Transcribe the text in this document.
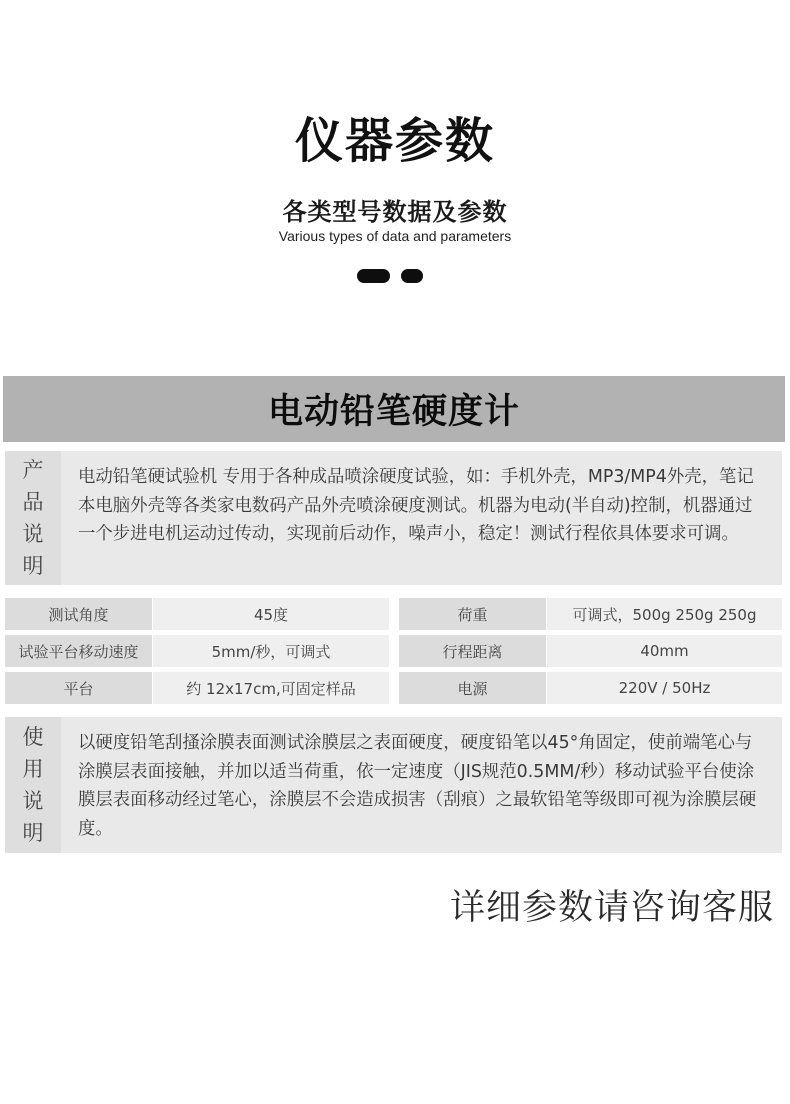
仪器参数
各类型号数据及参数
Various types of data and parameters
电动铅笔硬度计
产
品
说
明
电动铅笔硬试验机 专用于各种成品喷涂硬度试验，如：手机外壳，MP3/MP4外壳，笔记本电脑外壳等各类家电数码产品外壳喷涂硬度测试。机器为电动(半自动)控制，机器通过一个步进电机运动过传动，实现前后动作，噪声小，稳定！测试行程依具体要求可调。
测试角度	45度	荷重	可调式，500g 250g 250g
试验平台移动速度	5mm/秒，可调式	行程距离	40mm
平台	约 12x17cm,可固定样品	电源	220V / 50Hz
使
用
说
明
以硬度铅笔刮搔涂膜表面测试涂膜层之表面硬度，硬度铅笔以45°角固定，使前端笔心与涂膜层表面接触，并加以适当荷重，依一定速度（JIS规范0.5MM/秒）移动试验平台使涂膜层表面移动经过笔心，涂膜层不会造成损害（刮痕）之最软铅笔等级即可视为涂膜层硬度。
详细参数请咨询客服
